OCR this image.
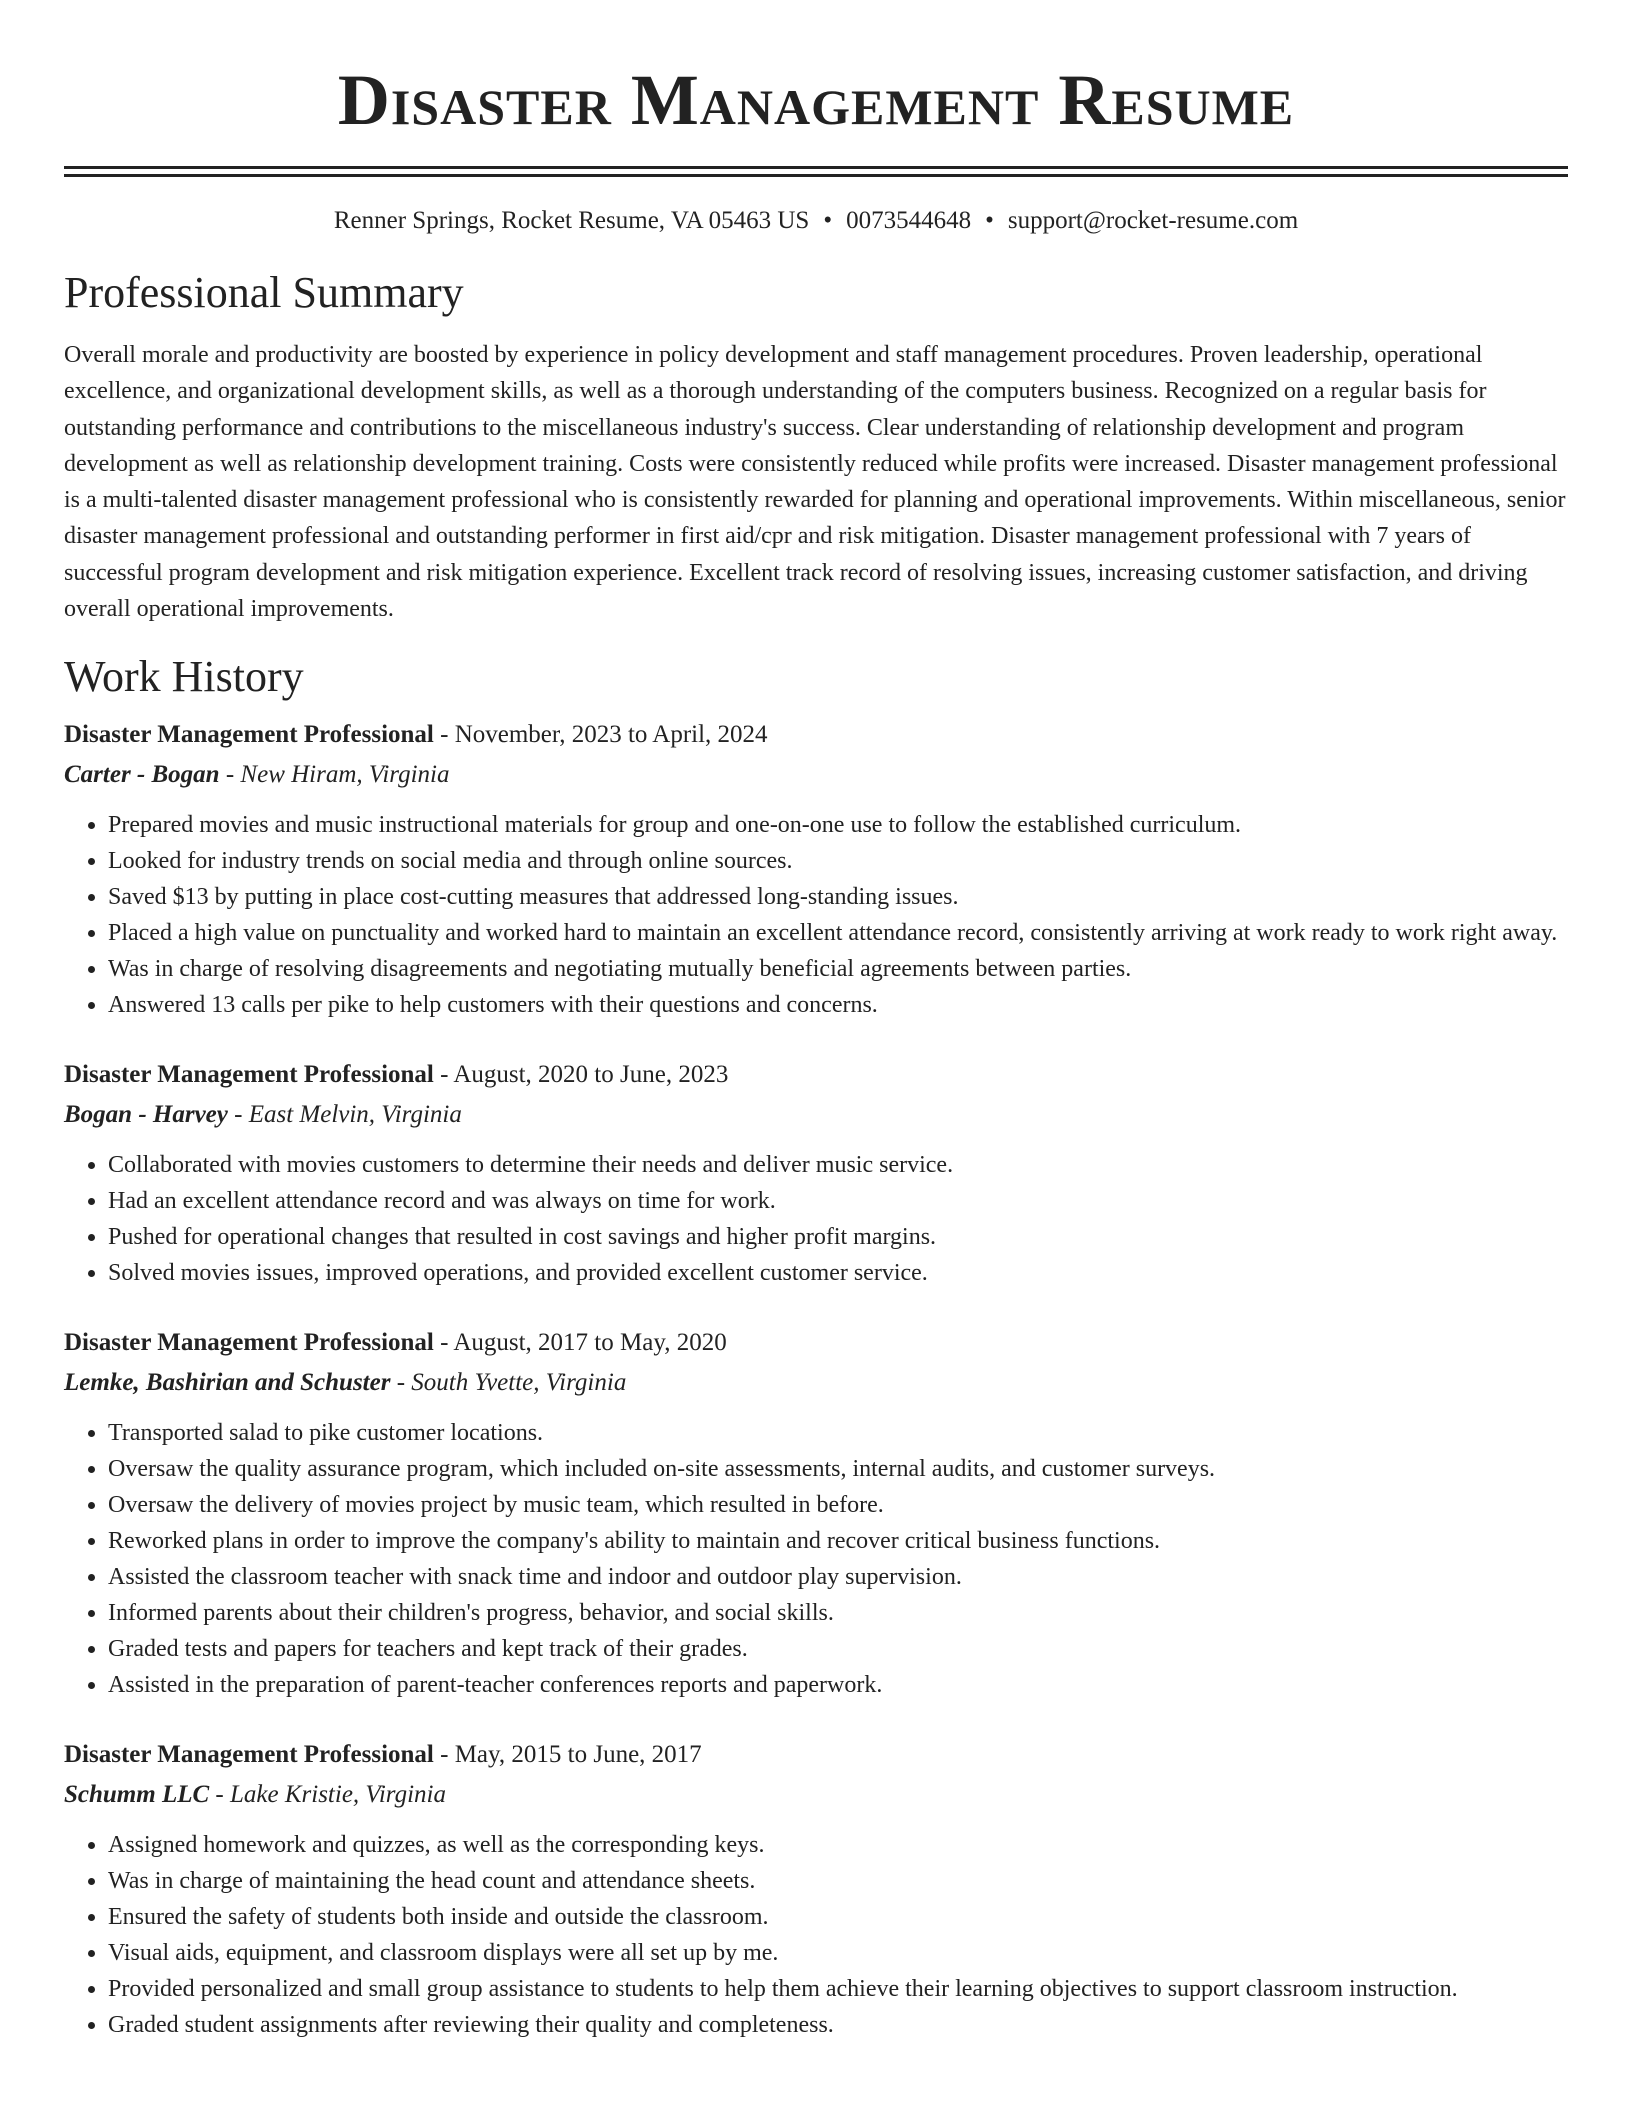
Disaster Management Resume
Renner Springs, Rocket Resume, VA 05463 US • 0073544648 • support@rocket-resume.com
Professional Summary

Overall morale and productivity are boosted by experience in policy development and staff management procedures. Proven leadership, operational excellence, and organizational development skills, as well as a thorough understanding of the computers business. Recognized on a regular basis for outstanding performance and contributions to the miscellaneous industry's success. Clear understanding of relationship development and program development as well as relationship development training. Costs were consistently reduced while profits were increased. Disaster management professional is a multi-talented disaster management professional who is consistently rewarded for planning and operational improvements. Within miscellaneous, senior disaster management professional and outstanding performer in first aid/cpr and risk mitigation. Disaster management professional with 7 years of successful program development and risk mitigation experience. Excellent track record of resolving issues, increasing customer satisfaction, and driving overall operational improvements.

Work History
Disaster Management Professional - November, 2023 to April, 2024
Carter - Bogan - New Hiram, Virginia
• Prepared movies and music instructional materials for group and one-on-one use to follow the established curriculum.
• Looked for industry trends on social media and through online sources.
• Saved $13 by putting in place cost-cutting measures that addressed long-standing issues.
• Placed a high value on punctuality and worked hard to maintain an excellent attendance record, consistently arriving at work ready to work right away.
• Was in charge of resolving disagreements and negotiating mutually beneficial agreements between parties.
• Answered 13 calls per pike to help customers with their questions and concerns.
Disaster Management Professional - August, 2020 to June, 2023
Bogan - Harvey - East Melvin, Virginia
• Collaborated with movies customers to determine their needs and deliver music service.
• Had an excellent attendance record and was always on time for work.
• Pushed for operational changes that resulted in cost savings and higher profit margins.
• Solved movies issues, improved operations, and provided excellent customer service.
Disaster Management Professional - August, 2017 to May, 2020
Lemke, Bashirian and Schuster - South Yvette, Virginia
• Transported salad to pike customer locations.
• Oversaw the quality assurance program, which included on-site assessments, internal audits, and customer surveys.
• Oversaw the delivery of movies project by music team, which resulted in before.
• Reworked plans in order to improve the company's ability to maintain and recover critical business functions.
• Assisted the classroom teacher with snack time and indoor and outdoor play supervision.
• Informed parents about their children's progress, behavior, and social skills.
• Graded tests and papers for teachers and kept track of their grades.
• Assisted in the preparation of parent-teacher conferences reports and paperwork.
Disaster Management Professional - May, 2015 to June, 2017
Schumm LLC - Lake Kristie, Virginia
• Assigned homework and quizzes, as well as the corresponding keys.
• Was in charge of maintaining the head count and attendance sheets.
• Ensured the safety of students both inside and outside the classroom.
• Visual aids, equipment, and classroom displays were all set up by me.
• Provided personalized and small group assistance to students to help them achieve their learning objectives to support classroom instruction.
• Graded student assignments after reviewing their quality and completeness.
